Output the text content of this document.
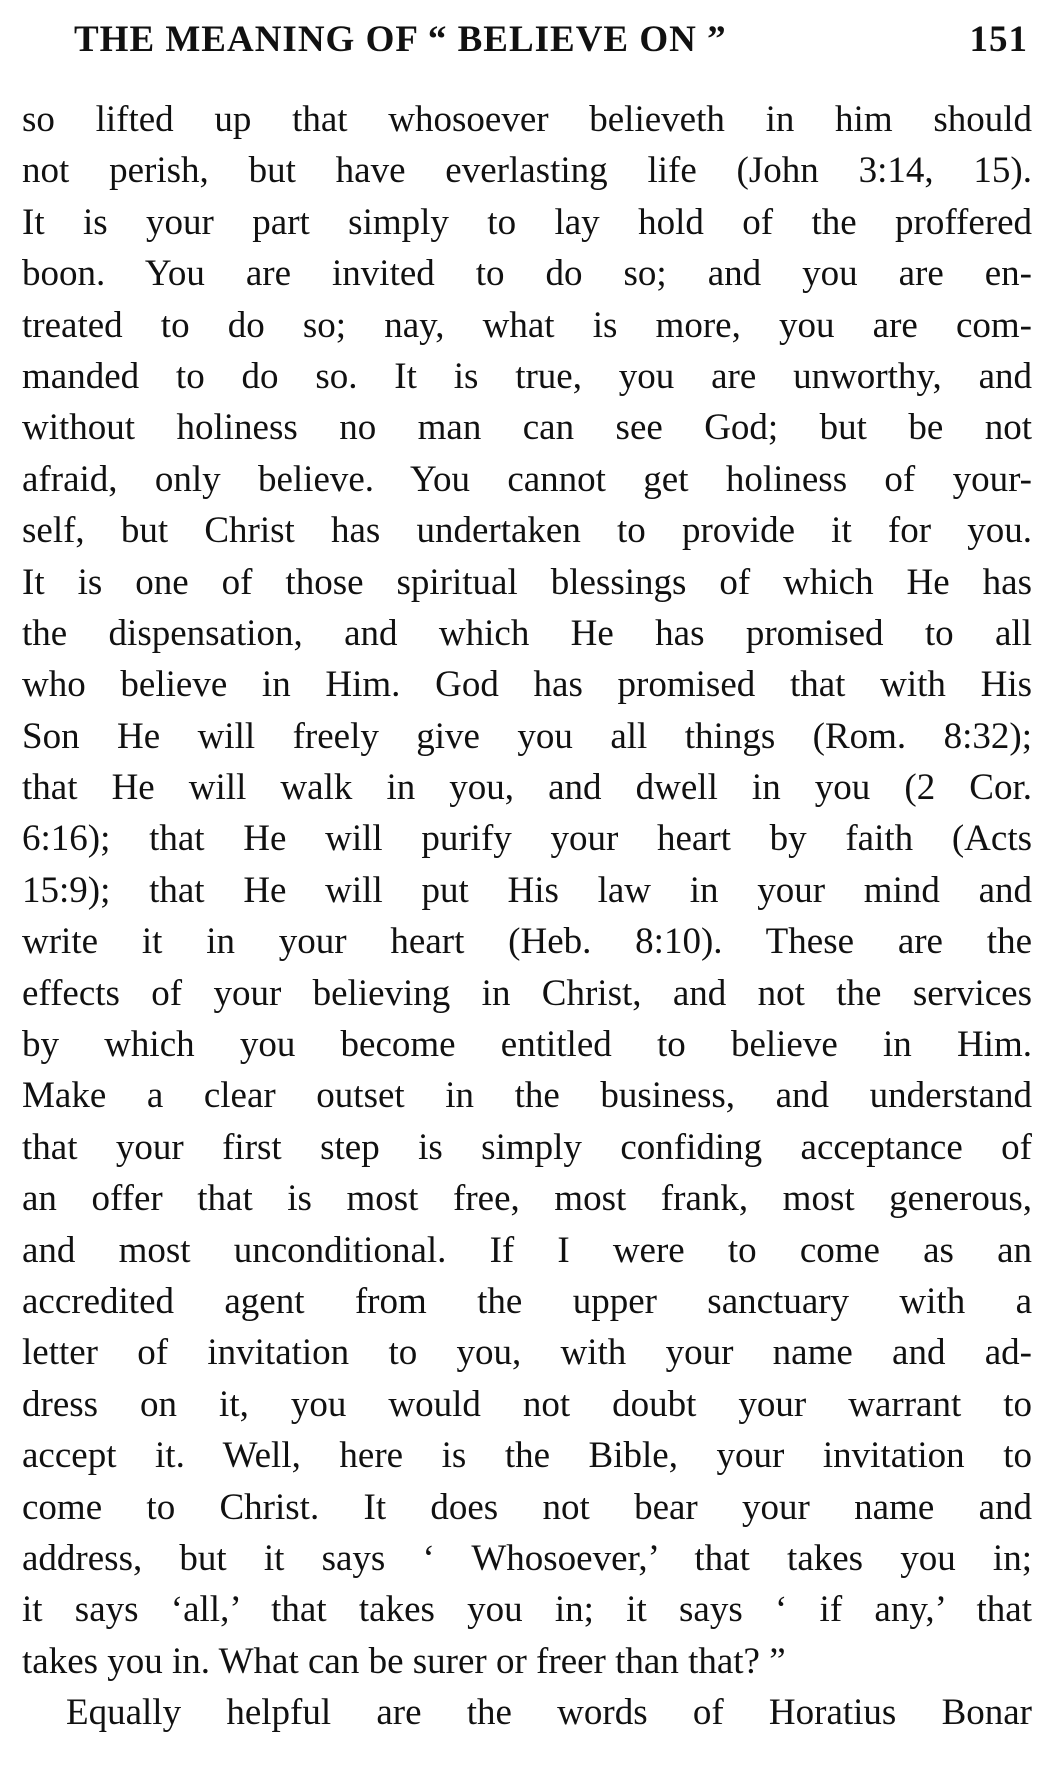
THE MEANING OF “ BELIEVE ON ”	151
so lifted up that whosoever believeth in him should
not perish, but have everlasting life (John 3:14, 15).
It is your part simply to lay hold of the proffered
boon. You are invited to do so; and you are en-
treated to do so; nay, what is more, you are com-
manded to do so. It is true, you are unworthy, and
without holiness no man can see God; but be not
afraid, only believe. You cannot get holiness of your-
self, but Christ has undertaken to provide it for you.
It is one of those spiritual blessings of which He has
the dispensation, and which He has promised to all
who believe in Him. God has promised that with His
Son He will freely give you all things (Rom. 8:32);
that He will walk in you, and dwell in you (2 Cor.
6:16); that He will purify your heart by faith (Acts
15:9); that He will put His law in your mind and
write it in your heart (Heb. 8:10). These are the
effects of your believing in Christ, and not the services
by which you become entitled to believe in Him.
Make a clear outset in the business, and understand
that your first step is simply confiding acceptance of
an offer that is most free, most frank, most generous,
and most unconditional. If I were to come as an
accredited agent from the upper sanctuary with a
letter of invitation to you, with your name and ad-
dress on it, you would not doubt your warrant to
accept it. Well, here is the Bible, your invitation to
come to Christ. It does not bear your name and
address, but it says ‘ Whosoever,’ that takes you in;
it says ‘all,’ that takes you in; it says ‘ if any,’ that
takes you in. What can be surer or freer than that? ”
Equally helpful are the words of Horatius Bonar
